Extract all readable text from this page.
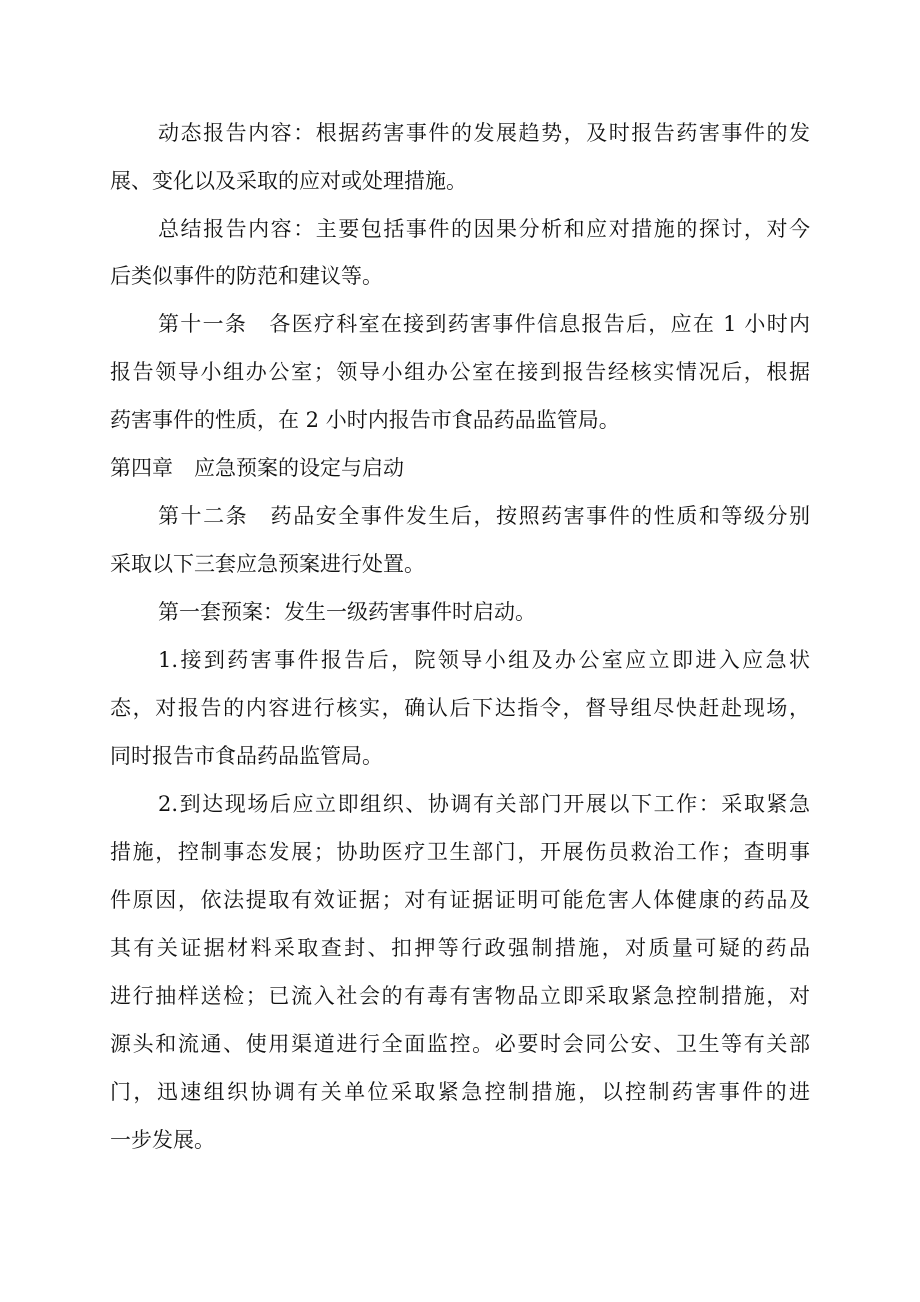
动态报告内容：根据药害事件的发展趋势，及时报告药害事件的发
展、变化以及采取的应对或处理措施。
总结报告内容：主要包括事件的因果分析和应对措施的探讨，对今
后类似事件的防范和建议等。
第十一条　各医疗科室在接到药害事件信息报告后，应在 1 小时内
报告领导小组办公室；领导小组办公室在接到报告经核实情况后，根据
药害事件的性质，在 2 小时内报告市食品药品监管局。
第四章　应急预案的设定与启动
第十二条　药品安全事件发生后，按照药害事件的性质和等级分别
采取以下三套应急预案进行处置。
第一套预案：发生一级药害事件时启动。
1.接到药害事件报告后，院领导小组及办公室应立即进入应急状
态，对报告的内容进行核实，确认后下达指令，督导组尽快赶赴现场，
同时报告市食品药品监管局。
2.到达现场后应立即组织、协调有关部门开展以下工作：采取紧急
措施，控制事态发展；协助医疗卫生部门，开展伤员救治工作；查明事
件原因，依法提取有效证据；对有证据证明可能危害人体健康的药品及
其有关证据材料采取查封、扣押等行政强制措施，对质量可疑的药品
进行抽样送检；已流入社会的有毒有害物品立即采取紧急控制措施，对
源头和流通、使用渠道进行全面监控。必要时会同公安、卫生等有关部
门，迅速组织协调有关单位采取紧急控制措施，以控制药害事件的进
一步发展。
